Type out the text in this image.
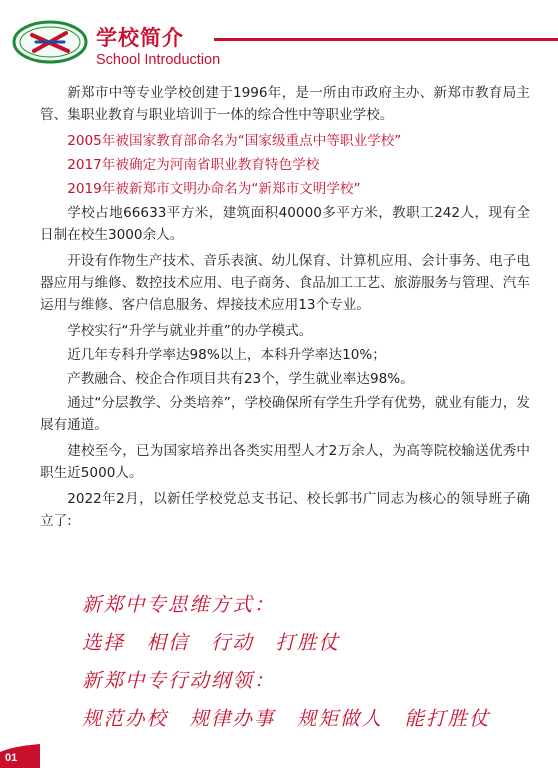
学校简介
School Introduction

新郑市中等专业学校创建于1996年，是一所由市政府主办、新郑市教育局主管、集职业教育与职业培训于一体的综合性中等职业学校。

2005年被国家教育部命名为“国家级重点中等职业学校”

2017年被确定为河南省职业教育特色学校

2019年被新郑市文明办命名为“新郑市文明学校”

学校占地66633平方米，建筑面积40000多平方米，教职工242人，现有全日制在校生3000余人。

开设有作物生产技术、音乐表演、幼儿保育、计算机应用、会计事务、电子电器应用与维修、数控技术应用、电子商务、食品加工工艺、旅游服务与管理、汽车运用与维修、客户信息服务、焊接技术应用13个专业。

学校实行“升学与就业并重”的办学模式。

近几年专科升学率达98%以上，本科升学率达10%；

产教融合、校企合作项目共有23个，学生就业率达98%。

通过“分层教学、分类培养”，学校确保所有学生升学有优势，就业有能力，发展有通道。

建校至今，已为国家培养出各类实用型人才2万余人，为高等院校输送优秀中职生近5000人。

2022年2月，以新任学校党总支书记、校长郭书广同志为核心的领导班子确立了:

新郑中专思维方式：
选择　相信　行动　打胜仗
新郑中专行动纲领：
规范办校　规律办事　规矩做人　能打胜仗
01
